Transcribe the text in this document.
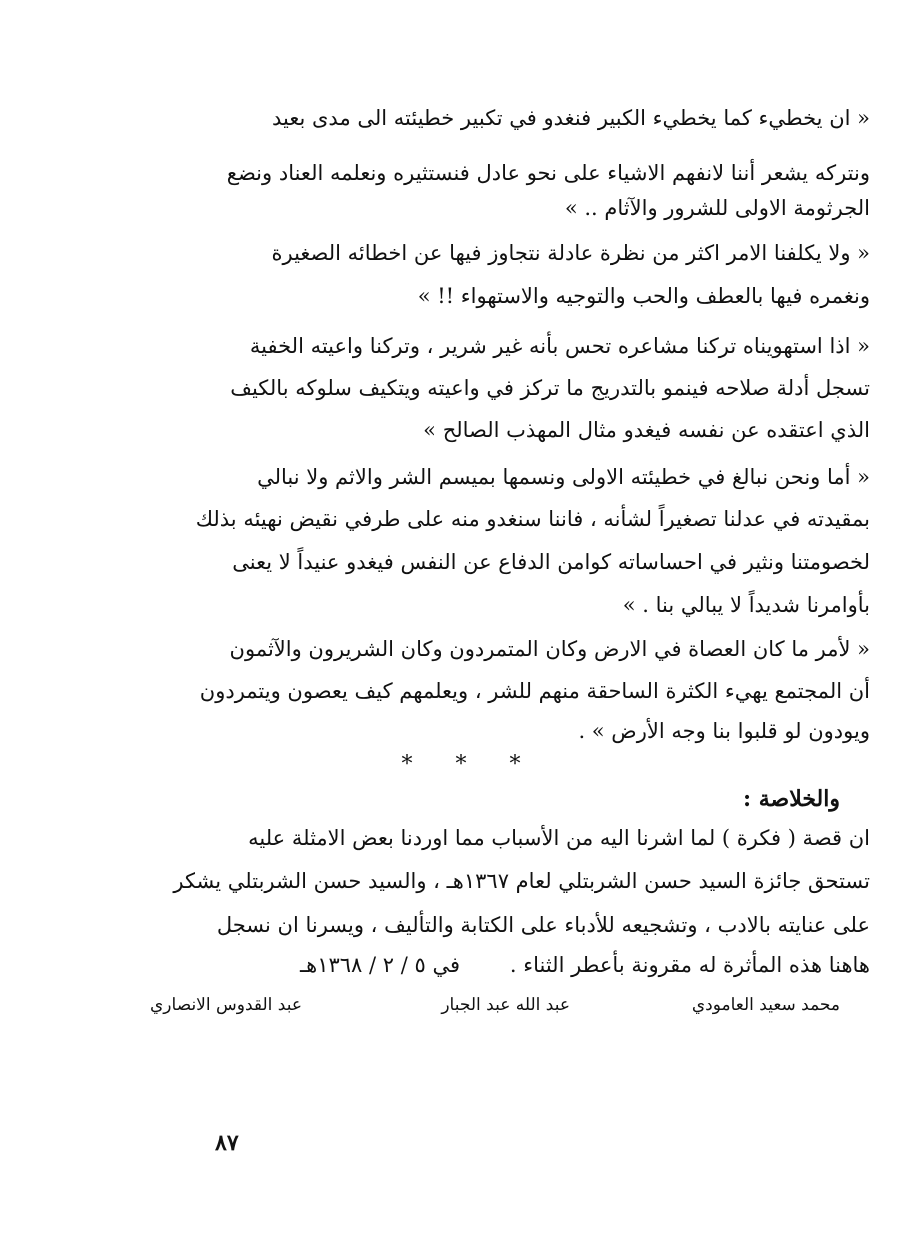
« ان يخطيء كما يخطيء الكبير فنغدو في تكبير خطيئته الى مدى بعيد
ونتركه يشعر أننا لانفهم الاشياء على نحو عادل فنستثيره ونعلمه العناد ونضع
الجرثومة الاولى للشرور والآثام .. »
« ولا يكلفنا الامر اكثر من نظرة عادلة نتجاوز فيها عن اخطائه الصغيرة
ونغمره فيها بالعطف والحب والتوجيه والاستهواء !! »
« اذا استهويناه تركنا مشاعره تحس بأنه غير شرير ، وتركنا واعيته الخفية
تسجل أدلة صلاحه فينمو بالتدريج ما تركز في واعيته ويتكيف سلوكه بالكيف
الذي اعتقده عن نفسه فيغدو مثال المهذب الصالح »
« أما ونحن نبالغ في خطيئته الاولى ونسمها بميسم الشر والاثم ولا نبالي
بمقيدته في عدلنا تصغيراً لشأنه ، فاننا سنغدو منه على طرفي نقيض نهيئه بذلك
لخصومتنا ونثير في احساساته كوامن الدفاع عن النفس فيغدو عنيداً لا يعنى
بأوامرنا شديداً لا يبالي بنا . »
« لأمر ما كان العصاة في الارض وكان المتمردون وكان الشريرون والآثمون
أن المجتمع يهيء الكثرة الساحقة منهم للشر ، ويعلمهم كيف يعصون ويتمردون
ويودون لو قلبوا بنا وجه الأرض » .
* * *
والخلاصة :
ان قصة ( فكرة ) لما اشرنا اليه من الأسباب مما اوردنا بعض الامثلة عليه
تستحق جائزة السيد حسن الشربتلي لعام ١٣٦٧هـ ، والسيد حسن الشربتلي يشكر
على عنايته بالادب ، وتشجيعه للأدباء على الكتابة والتأليف ، ويسرنا ان نسجل
هاهنا هذه المأثرة له مقرونة بأعطر الثناء .
في ٥ / ٢ / ١٣٦٨هـ
محمد سعيد العامودي
عبد الله عبد الجبار
عبد القدوس الانصاري
٨٧
